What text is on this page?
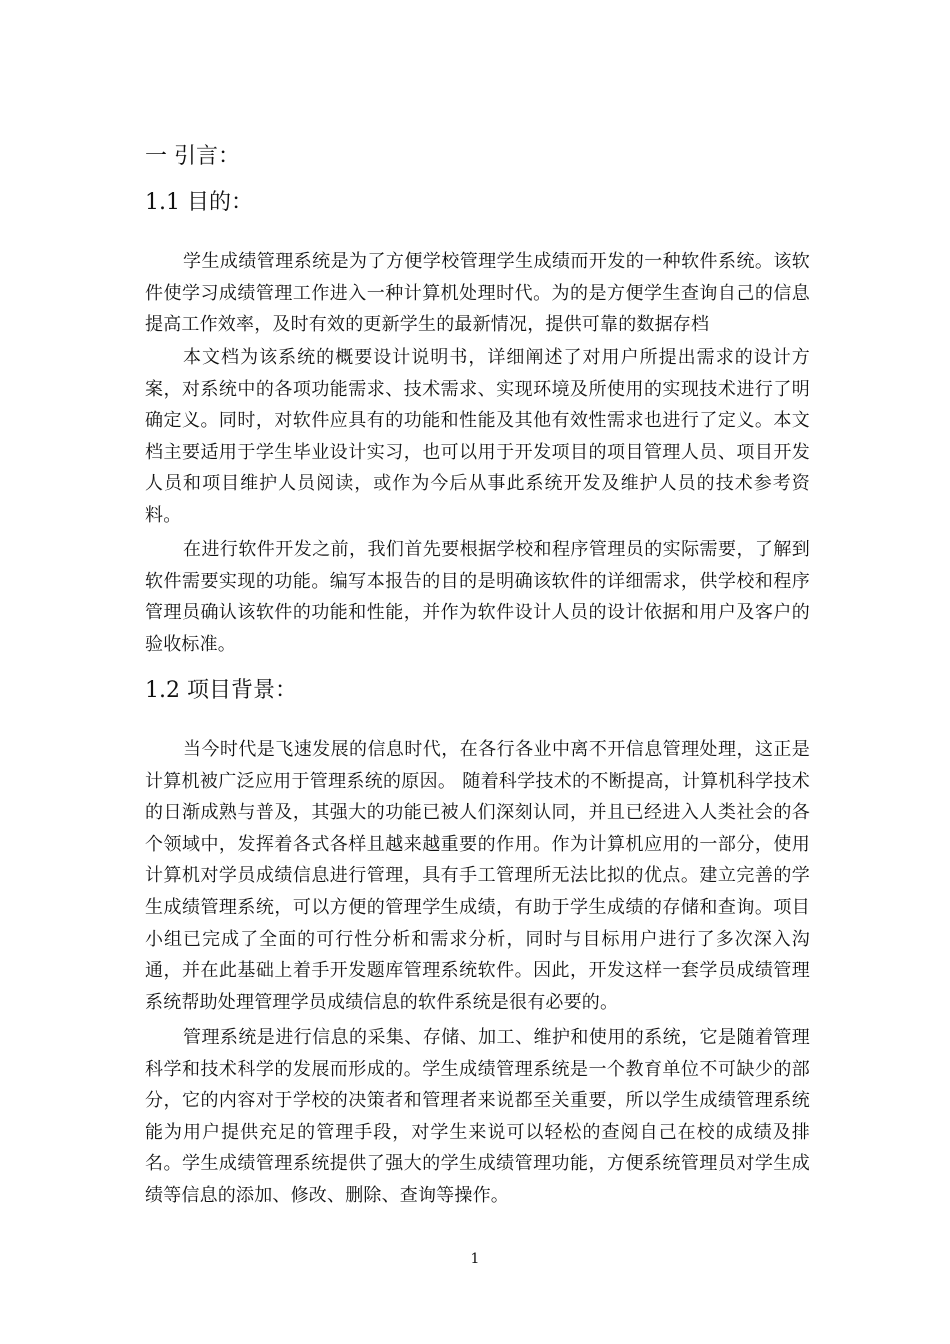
一 引言：
1.1 目的：

学生成绩管理系统是为了方便学校管理学生成绩而开发的一种软件系统。该软件使学习成绩管理工作进入一种计算机处理时代。为的是方便学生查询自己的信息提高工作效率，及时有效的更新学生的最新情况，提供可靠的数据存档

本文档为该系统的概要设计说明书，详细阐述了对用户所提出需求的设计方案，对系统中的各项功能需求、技术需求、实现环境及所使用的实现技术进行了明确定义。同时，对软件应具有的功能和性能及其他有效性需求也进行了定义。本文档主要适用于学生毕业设计实习，也可以用于开发项目的项目管理人员、项目开发人员和项目维护人员阅读，或作为今后从事此系统开发及维护人员的技术参考资料。

在进行软件开发之前，我们首先要根据学校和程序管理员的实际需要，了解到软件需要实现的功能。编写本报告的目的是明确该软件的详细需求，供学校和程序管理员确认该软件的功能和性能，并作为软件设计人员的设计依据和用户及客户的验收标准。

1.2 项目背景：

当今时代是飞速发展的信息时代，在各行各业中离不开信息管理处理，这正是计算机被广泛应用于管理系统的原因。 随着科学技术的不断提高，计算机科学技术的日渐成熟与普及，其强大的功能已被人们深刻认同，并且已经进入人类社会的各个领域中，发挥着各式各样且越来越重要的作用。作为计算机应用的一部分，使用计算机对学员成绩信息进行管理，具有手工管理所无法比拟的优点。建立完善的学生成绩管理系统，可以方便的管理学生成绩，有助于学生成绩的存储和查询。项目小组已完成了全面的可行性分析和需求分析，同时与目标用户进行了多次深入沟通，并在此基础上着手开发题库管理系统软件。因此，开发这样一套学员成绩管理系统帮助处理管理学员成绩信息的软件系统是很有必要的。

管理系统是进行信息的采集、存储、加工、维护和使用的系统，它是随着管理科学和技术科学的发展而形成的。学生成绩管理系统是一个教育单位不可缺少的部分，它的内容对于学校的决策者和管理者来说都至关重要，所以学生成绩管理系统能为用户提供充足的管理手段，对学生来说可以轻松的查阅自己在校的成绩及排名。学生成绩管理系统提供了强大的学生成绩管理功能，方便系统管理员对学生成绩等信息的添加、修改、删除、查询等操作。

1
